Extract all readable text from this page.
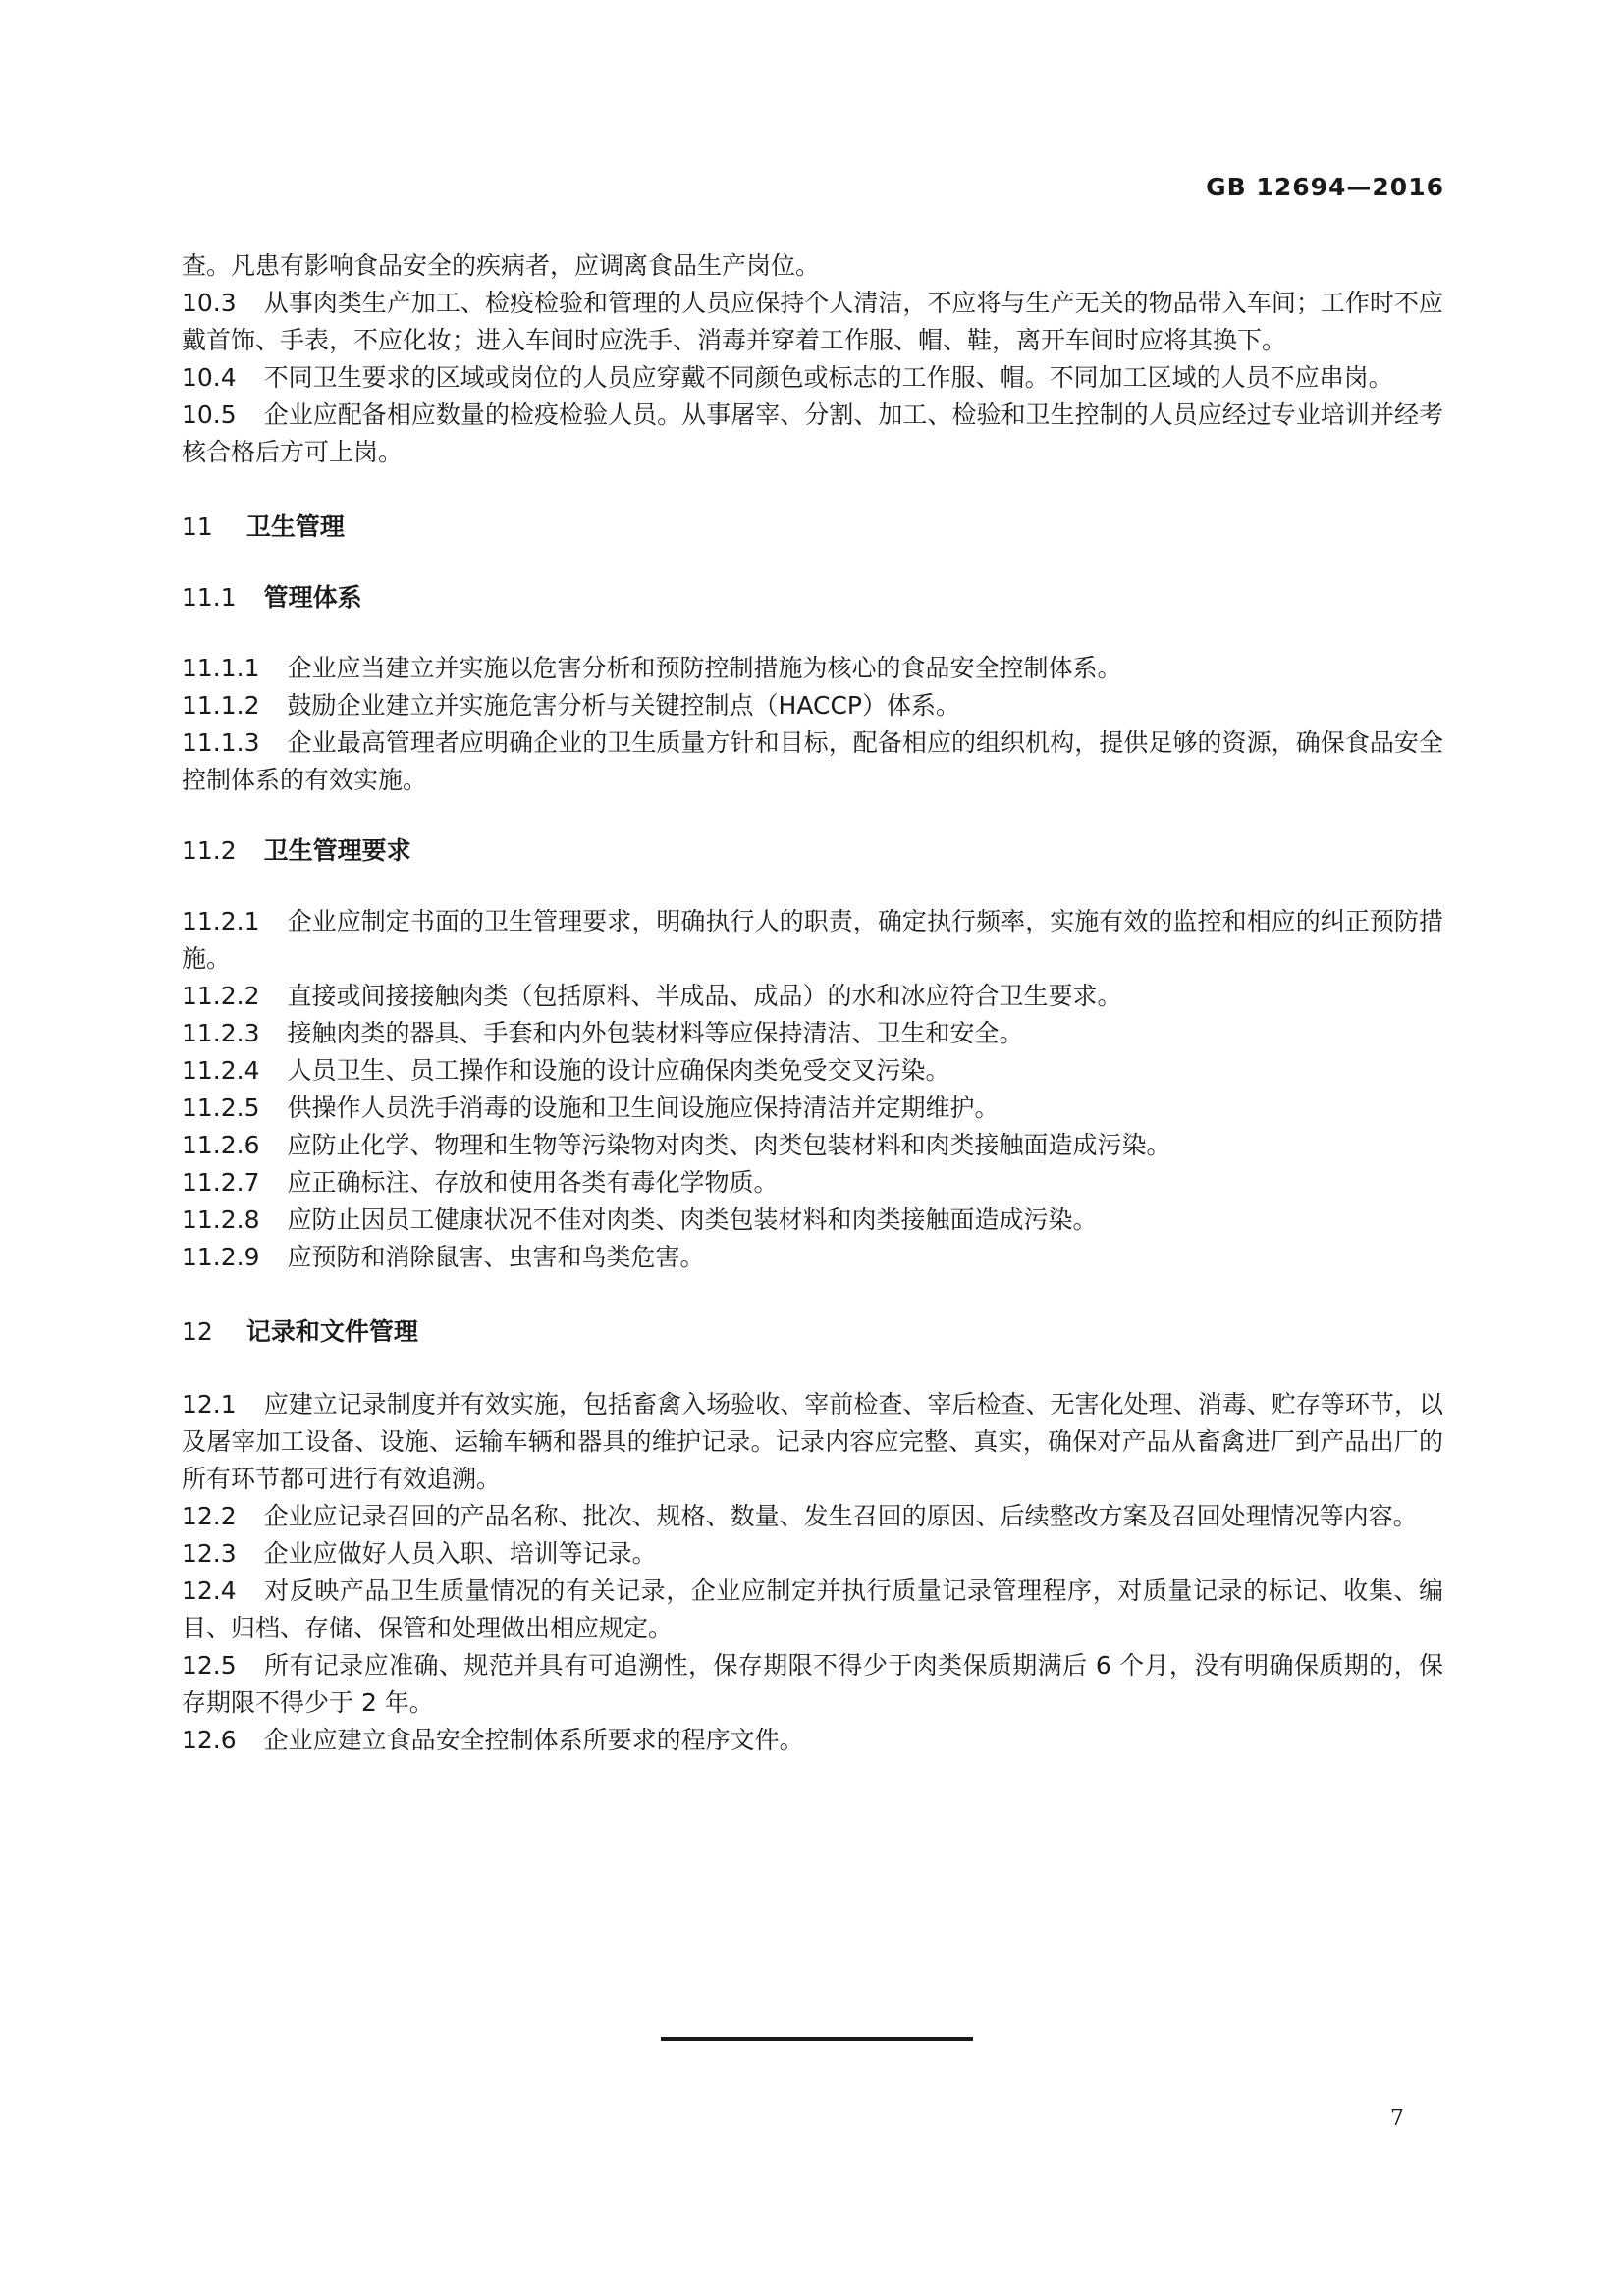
GB 12694—2016

查。凡患有影响食品安全的疾病者，应调离食品生产岗位。

10.3 从事肉类生产加工、检疫检验和管理的人员应保持个人清洁，不应将与生产无关的物品带入车间；工作时不应戴首饰、手表，不应化妆；进入车间时应洗手、消毒并穿着工作服、帽、鞋，离开车间时应将其换下。

10.4 不同卫生要求的区域或岗位的人员应穿戴不同颜色或标志的工作服、帽。不同加工区域的人员不应串岗。

10.5 企业应配备相应数量的检疫检验人员。从事屠宰、分割、加工、检验和卫生控制的人员应经过专业培训并经考核合格后方可上岗。

11 卫生管理

11.1 管理体系

11.1.1 企业应当建立并实施以危害分析和预防控制措施为核心的食品安全控制体系。

11.1.2 鼓励企业建立并实施危害分析与关键控制点（HACCP）体系。

11.1.3 企业最高管理者应明确企业的卫生质量方针和目标，配备相应的组织机构，提供足够的资源，确保食品安全控制体系的有效实施。

11.2 卫生管理要求

11.2.1 企业应制定书面的卫生管理要求，明确执行人的职责，确定执行频率，实施有效的监控和相应的纠正预防措施。

11.2.2 直接或间接接触肉类（包括原料、半成品、成品）的水和冰应符合卫生要求。

11.2.3 接触肉类的器具、手套和内外包装材料等应保持清洁、卫生和安全。

11.2.4 人员卫生、员工操作和设施的设计应确保肉类免受交叉污染。

11.2.5 供操作人员洗手消毒的设施和卫生间设施应保持清洁并定期维护。

11.2.6 应防止化学、物理和生物等污染物对肉类、肉类包装材料和肉类接触面造成污染。

11.2.7 应正确标注、存放和使用各类有毒化学物质。

11.2.8 应防止因员工健康状况不佳对肉类、肉类包装材料和肉类接触面造成污染。

11.2.9 应预防和消除鼠害、虫害和鸟类危害。

12 记录和文件管理

12.1 应建立记录制度并有效实施，包括畜禽入场验收、宰前检查、宰后检查、无害化处理、消毒、贮存等环节，以及屠宰加工设备、设施、运输车辆和器具的维护记录。记录内容应完整、真实，确保对产品从畜禽进厂到产品出厂的所有环节都可进行有效追溯。

12.2 企业应记录召回的产品名称、批次、规格、数量、发生召回的原因、后续整改方案及召回处理情况等内容。

12.3 企业应做好人员入职、培训等记录。

12.4 对反映产品卫生质量情况的有关记录，企业应制定并执行质量记录管理程序，对质量记录的标记、收集、编目、归档、存储、保管和处理做出相应规定。

12.5 所有记录应准确、规范并具有可追溯性，保存期限不得少于肉类保质期满后 6 个月，没有明确保质期的，保存期限不得少于 2 年。

12.6 企业应建立食品安全控制体系所要求的程序文件。

7
